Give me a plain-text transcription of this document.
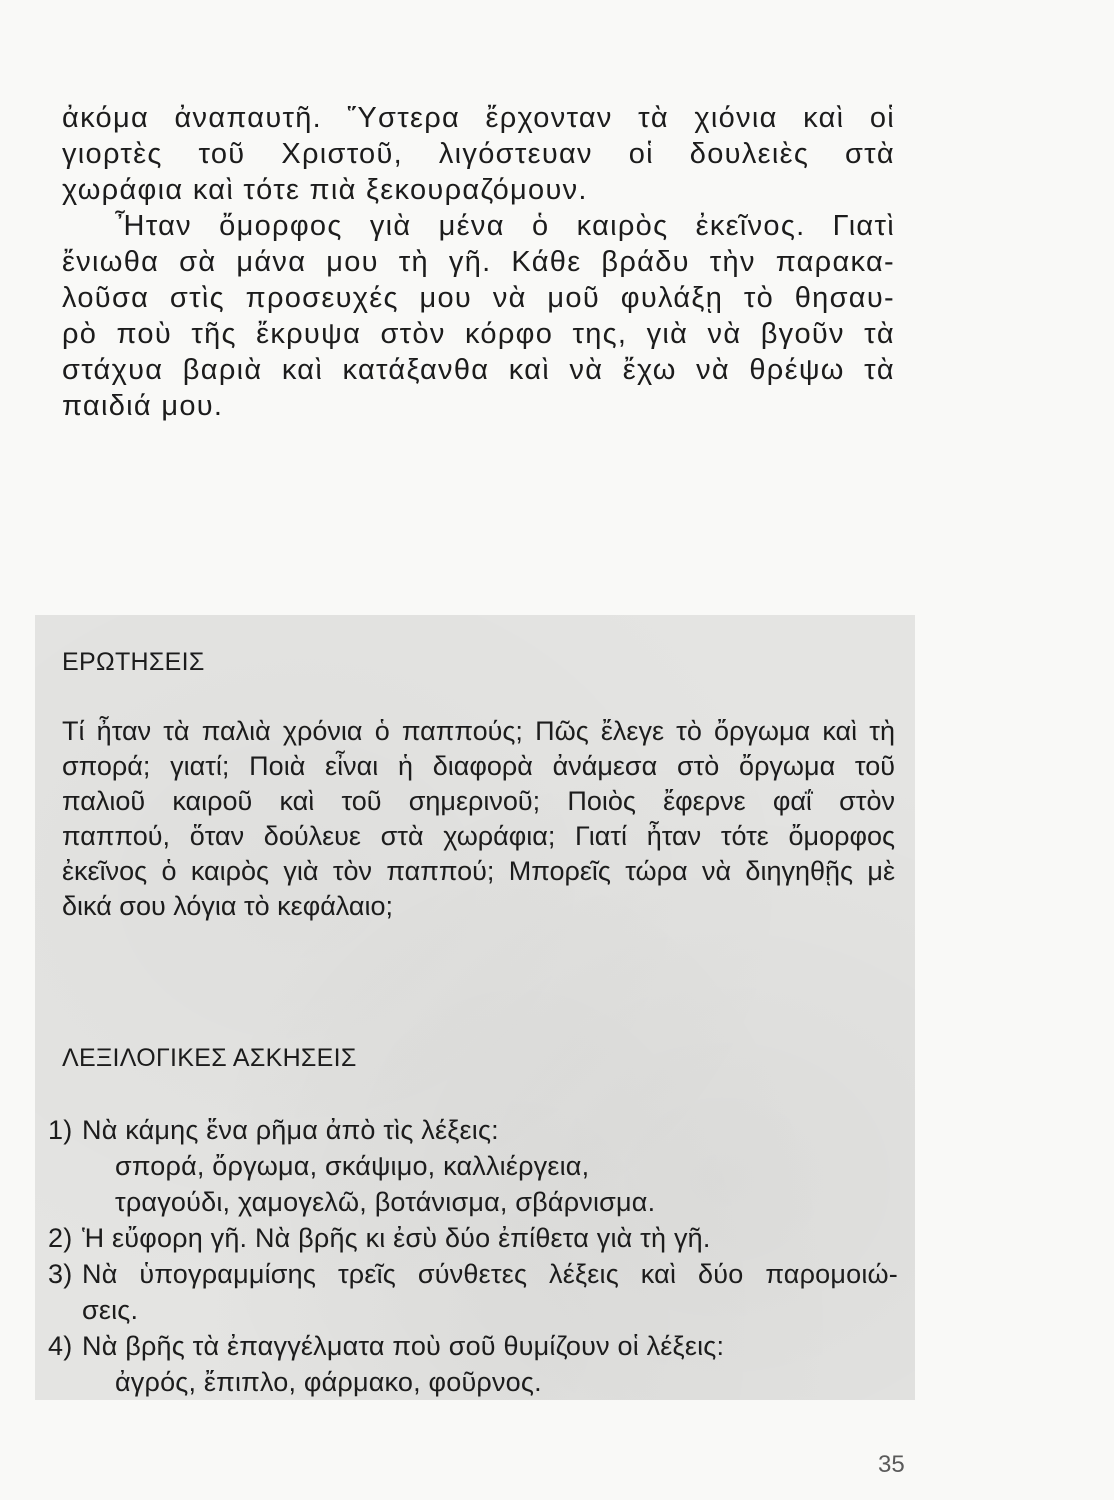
ἀκόμα ἀναπαυτῆ. Ὕστερα ἔρχονταν τὰ χιόνια καὶ οἱ
γιορτὲς τοῦ Χριστοῦ, λιγόστευαν οἱ δουλειὲς στὰ
χωράφια καὶ τότε πιὰ ξεκουραζόμουν.
Ἦταν ὄμορφος γιὰ μένα ὁ καιρὸς ἐκεῖνος. Γιατὶ
ἔνιωθα σὰ μάνα μου τὴ γῆ. Κάθε βράδυ τὴν παρακα-
λοῦσα στὶς προσευχές μου νὰ μοῦ φυλάξῃ τὸ θησαυ-
ρὸ ποὺ τῆς ἔκρυψα στὸν κόρφο της, γιὰ νὰ βγοῦν τὰ
στάχυα βαριὰ καὶ κατάξανθα καὶ νὰ ἔχω νὰ θρέψω τὰ
παιδιά μου.
ΕΡΩΤΗΣΕΙΣ
Τί ἦταν τὰ παλιὰ χρόνια ὁ παππούς; Πῶς ἔλεγε τὸ ὄργωμα καὶ τὴ
σπορά; γιατί; Ποιὰ εἶναι ἡ διαφορὰ ἀνάμεσα στὸ ὄργωμα τοῦ
παλιοῦ καιροῦ καὶ τοῦ σημερινοῦ; Ποιὸς ἔφερνε φαΐ στὸν
παππού, ὅταν δούλευε στὰ χωράφια; Γιατί ἦταν τότε ὄμορφος
ἐκεῖνος ὁ καιρὸς γιὰ τὸν παππού; Μπορεῖς τώρα νὰ διηγηθῇς μὲ
δικά σου λόγια τὸ κεφάλαιο;
ΛΕΞΙΛΟΓΙΚΕΣ ΑΣΚΗΣΕΙΣ
1) Νὰ κάμης ἕνα ρῆμα ἀπὸ τὶς λέξεις:
σπορά, ὄργωμα, σκάψιμο, καλλιέργεια,
τραγούδι, χαμογελῶ, βοτάνισμα, σβάρνισμα.
2) Ἡ εὔφορη γῆ. Νὰ βρῆς κι ἐσὺ δύο ἐπίθετα γιὰ τὴ γῆ.
3) Νὰ ὑπογραμμίσης τρεῖς σύνθετες λέξεις καὶ δύο παρομοιώ-
σεις.
4) Νὰ βρῆς τὰ ἐπαγγέλματα ποὺ σοῦ θυμίζουν οἱ λέξεις:
ἀγρός, ἔπιπλο, φάρμακο, φοῦρνος.
35
